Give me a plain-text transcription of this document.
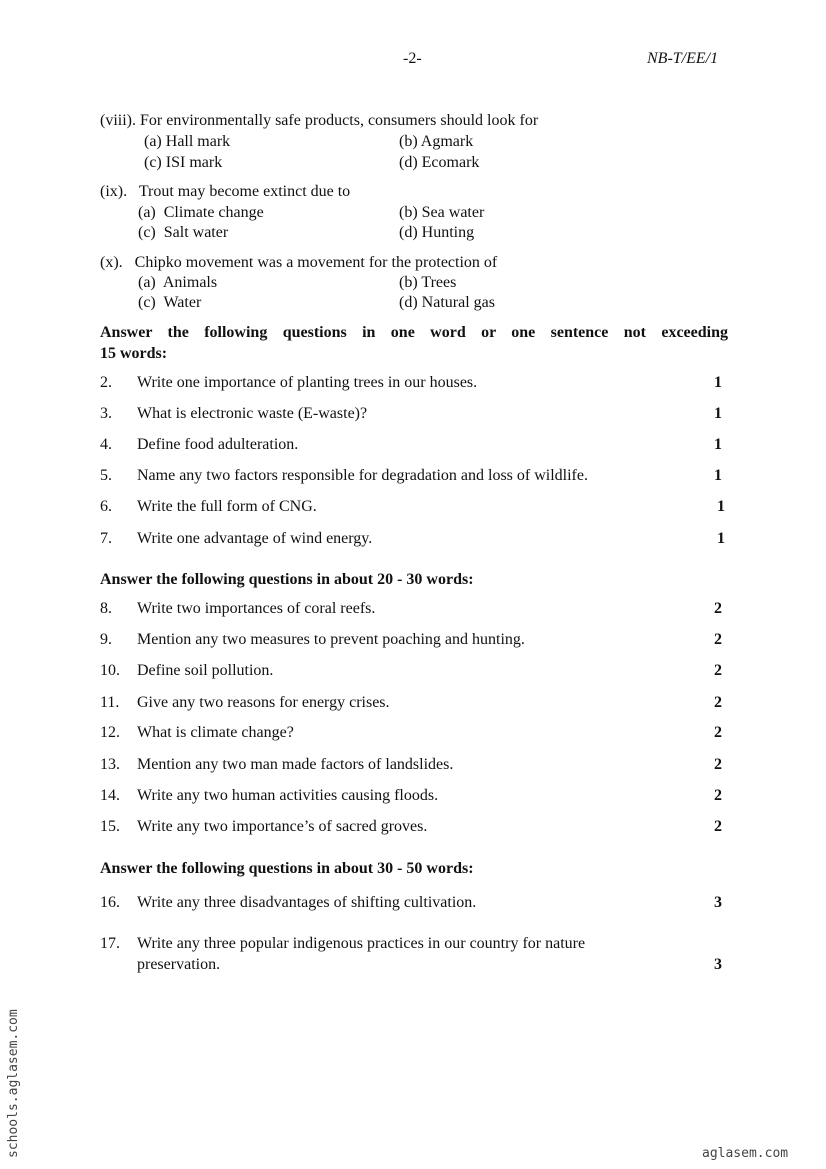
-2-	NB-T/EE/1
(viii). For environmentally safe products, consumers should look for
(a) Hall mark	(b) Agmark
(c) ISI mark	(d) Ecomark
(ix).   Trout may become extinct due to
(a)  Climate change	(b) Sea water
(c)  Salt water	(d) Hunting
(x).   Chipko movement was a movement for the protection of
(a)  Animals	(b) Trees
(c)  Water	(d) Natural gas
Answer the following questions in one word or one sentence not exceeding
15 words:
2. Write one importance of planting trees in our houses.	1
3. What is electronic waste (E-waste)?	1
4. Define food adulteration.	1
5. Name any two factors responsible for degradation and loss of wildlife.	1
6. Write the full form of CNG.	1
7. Write one advantage of wind energy.	1
Answer the following questions in about 20 - 30 words:
8. Write two importances of coral reefs.	2
9. Mention any two measures to prevent poaching and hunting.	2
10. Define soil pollution.	2
11. Give any two reasons for energy crises.	2
12. What is climate change?	2
13. Mention any two man made factors of landslides.	2
14. Write any two human activities causing floods.	2
15. Write any two importance’s of sacred groves.	2
Answer the following questions in about 30 - 50 words:
16. Write any three disadvantages of shifting cultivation.	3
17. Write any three popular indigenous practices in our country for nature
preservation.	3
schools.aglasem.com	aglasem.com
